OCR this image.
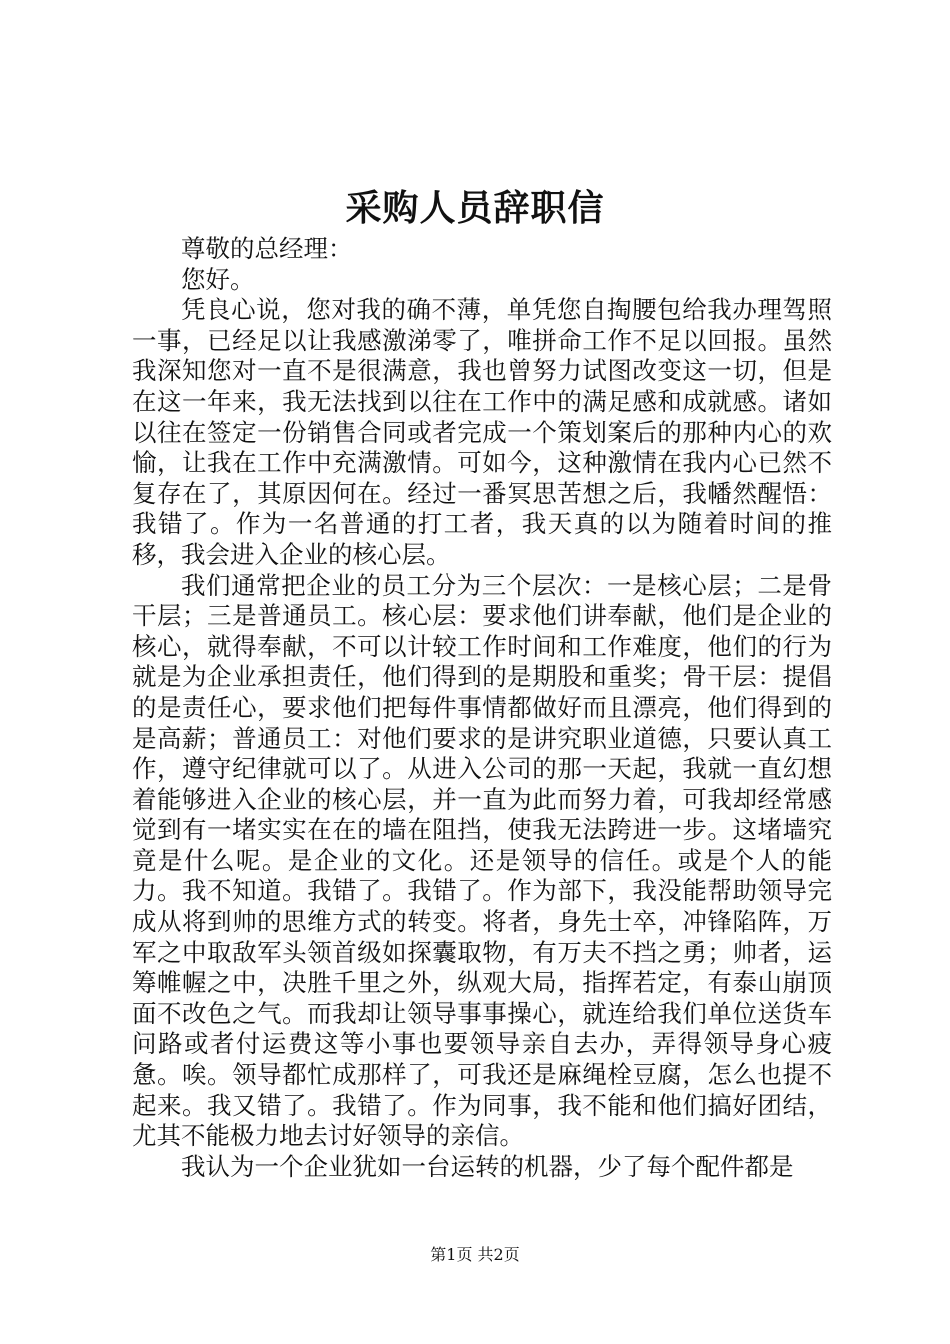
采购人员辞职信

尊敬的总经理：

您好。

凭良心说，您对我的确不薄，单凭您自掏腰包给我办理驾照一事，已经足以让我感激涕零了，唯拼命工作不足以回报。虽然我深知您对一直不是很满意，我也曾努力试图改变这一切，但是在这一年来，我无法找到以往在工作中的满足感和成就感。诸如以往在签定一份销售合同或者完成一个策划案后的那种内心的欢愉，让我在工作中充满激情。可如今，这种激情在我内心已然不复存在了，其原因何在。经过一番冥思苦想之后，我幡然醒悟：我错了。作为一名普通的打工者，我天真的以为随着时间的推移，我会进入企业的核心层。

我们通常把企业的员工分为三个层次：一是核心层；二是骨干层；三是普通员工。核心层：要求他们讲奉献，他们是企业的核心，就得奉献，不可以计较工作时间和工作难度，他们的行为就是为企业承担责任，他们得到的是期股和重奖；骨干层：提倡的是责任心，要求他们把每件事情都做好而且漂亮，他们得到的是高薪；普通员工：对他们要求的是讲究职业道德，只要认真工作，遵守纪律就可以了。从进入公司的那一天起，我就一直幻想着能够进入企业的核心层，并一直为此而努力着，可我却经常感觉到有一堵实实在在的墙在阻挡，使我无法跨进一步。这堵墙究竟是什么呢。是企业的文化。还是领导的信任。或是个人的能力。我不知道。我错了。我错了。作为部下，我没能帮助领导完成从将到帅的思维方式的转变。将者，身先士卒，冲锋陷阵，万军之中取敌军头领首级如探囊取物，有万夫不挡之勇；帅者，运筹帷幄之中，决胜千里之外，纵观大局，指挥若定，有泰山崩顶面不改色之气。而我却让领导事事操心，就连给我们单位送货车问路或者付运费这等小事也要领导亲自去办，弄得领导身心疲惫。唉。领导都忙成那样了，可我还是麻绳栓豆腐，怎么也提不起来。我又错了。我错了。作为同事，我不能和他们搞好团结，尤其不能极力地去讨好领导的亲信。

我认为一个企业犹如一台运转的机器，少了每个配件都是

第1页 共2页
